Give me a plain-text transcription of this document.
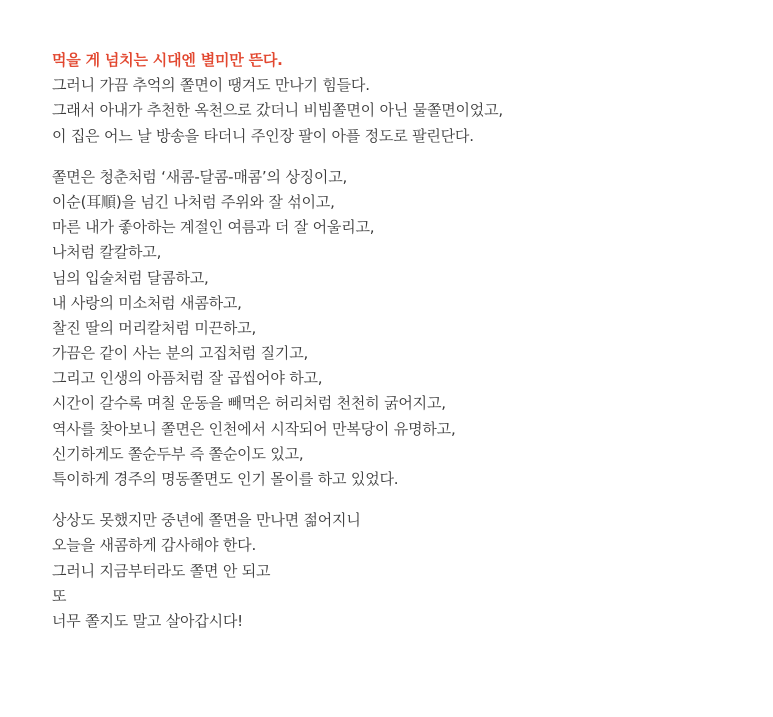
먹을 게 넘치는 시대엔 별미만 뜬다.
그러니 가끔 추억의 쫄면이 땡겨도 만나기 힘들다.
그래서 아내가 추천한 옥천으로 갔더니 비빔쫄면이 아닌 물쫄면이었고,
이 집은 어느 날 방송을 타더니 주인장 팔이 아플 정도로 팔린단다.
쫄면은 청춘처럼 ‘새콤-달콤-매콤’의 상징이고,
이순(耳順)을 넘긴 나처럼 주위와 잘 섞이고,
마른 내가 좋아하는 계절인 여름과 더 잘 어울리고,
나처럼 칼칼하고,
님의 입술처럼 달콤하고,
내 사랑의 미소처럼 새콤하고,
찰진 딸의 머리칼처럼 미끈하고,
가끔은 같이 사는 분의 고집처럼 질기고,
그리고 인생의 아픔처럼 잘 곱씹어야 하고,
시간이 갈수록 며칠 운동을 빼먹은 허리처럼 천천히 굵어지고,
역사를 찾아보니 쫄면은 인천에서 시작되어 만복당이 유명하고,
신기하게도 쫄순두부 즉 쫄순이도 있고,
특이하게 경주의 명동쫄면도 인기 몰이를 하고 있었다.
상상도 못했지만 중년에 쫄면을 만나면 젊어지니
오늘을 새콤하게 감사해야 한다.
그러니 지금부터라도 쫄면 안 되고
또
너무 쫄지도 말고 살아갑시다!
